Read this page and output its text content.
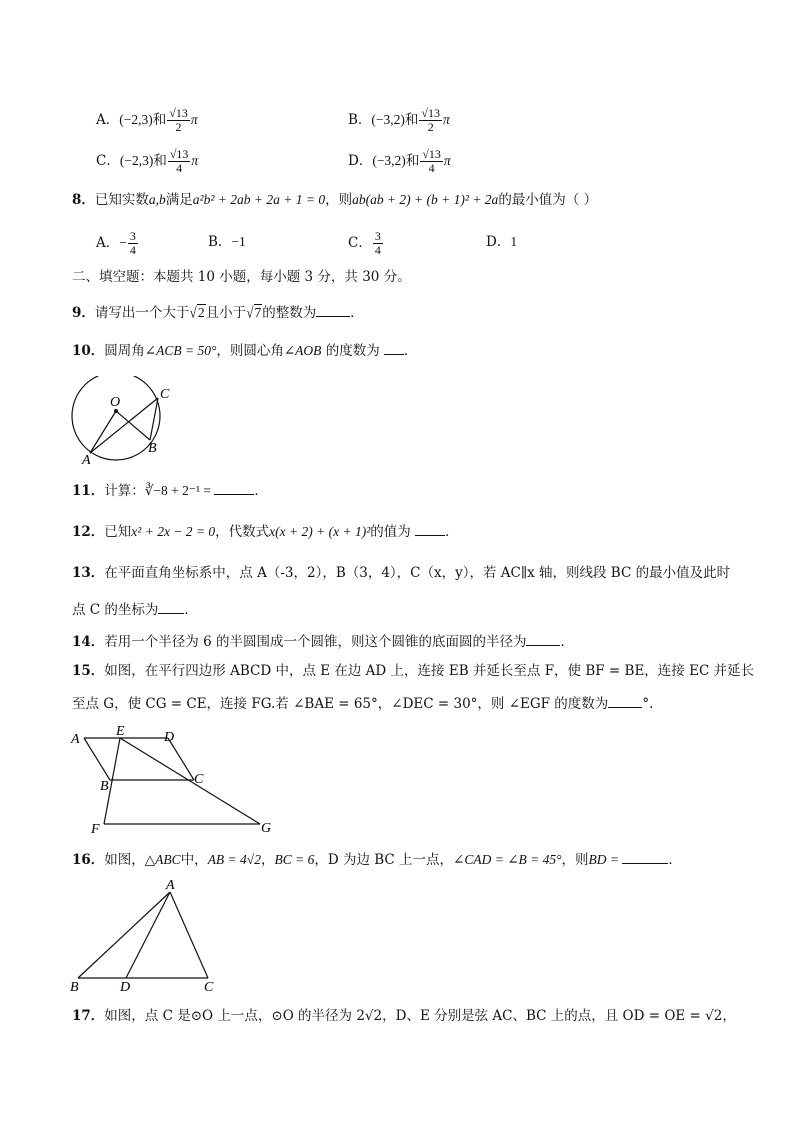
A．(−2,3)和 $\frac{√13}{2}$ π	B．(−3,2)和 $\frac{√13}{2}$ π
C．(−2,3)和 $\frac{√13}{4}$ π	D．(−3,2)和 $\frac{√13}{4}$ π
8．已知实数a,b满足a²b² + 2ab + 2a + 1 = 0，则ab(ab + 2) + (b + 1)² + 2a的最小值为（ ）
A．− $\frac{3}{4}$	B．−1	C． $\frac{3}{4}$	D．1
二、填空题：本题共 10 小题，每小题 3 分，共 30 分。
9．请写出一个大于√2且小于√7的整数为	．
10．圆周角∠ACB = 50°，则圆心角∠AOB 的度数为 ．
O
A
B
C
11．计算：∛−8 + 2⁻¹ =	．
12．已知x² + 2x − 2 = 0，代数式x(x + 2) + (x + 1)²的值为 ．
13．在平面直角坐标系中，点 A（-3，2），B（3，4），C（x，y），若 AC∥x 轴，则线段 BC 的最小值及此时
点 C 的坐标为 ．
14．若用一个半径为 6 的半圆围成一个圆锥，则这个圆锥的底面圆的半径为	．
15．如图，在平行四边形 ABCD 中，点 E 在边 AD 上，连接 EB 并延长至点 F，使 BF = BE，连接 EC 并延长
至点 G，使 CG = CE，连接 FG.若 ∠BAE = 65°，∠DEC = 30°，则 ∠EGF 的度数为	°.
A
E	D
B	C
F	G
16．如图，△ABC中，AB = 4√2，BC = 6，D 为边 BC 上一点，∠CAD = ∠B = 45°，则BD =	．
A
B	D	C
17．如图，点 C 是⊙O 上一点，⊙O 的半径为 2√2，D、E 分别是弦 AC、BC 上的点，且 OD = OE = √2，
